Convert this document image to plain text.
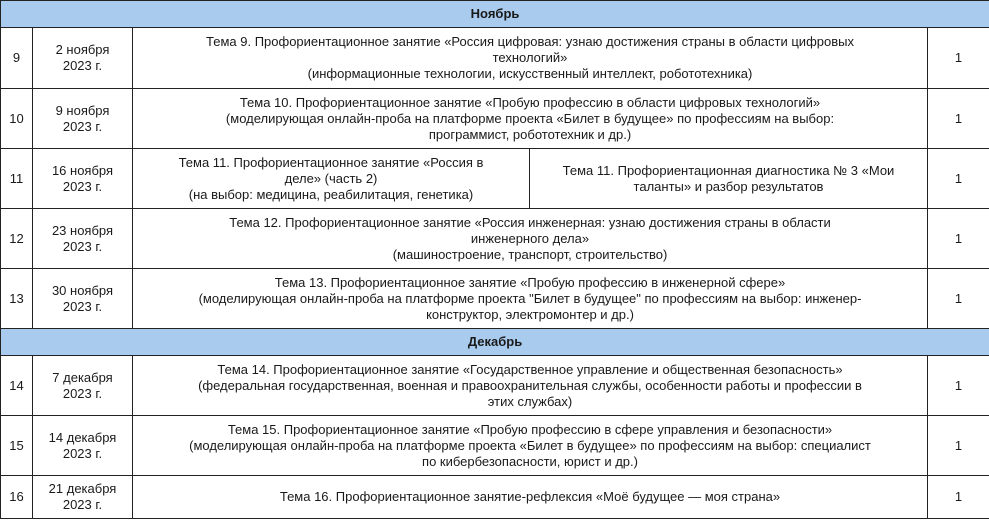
Ноябрь				
9	2 ноября
2023 г.	Тема 9. Профориентационное занятие «Россия цифровая: узнаю достижения страны в области цифровых
технологий»
(информационные технологии, искусственный интеллект, робототехника)		1
10	9 ноября
2023 г.	Тема 10. Профориентационное занятие «Пробую профессию в области цифровых технологий»
(моделирующая онлайн-проба на платформе проекта «Билет в будущее» по профессиям на выбор:
программист, робототехник и др.)		1
11	16 ноября
2023 г.	Тема 11. Профориентационное занятие «Россия в
деле» (часть 2)
(на выбор: медицина, реабилитация, генетика)	Тема 11. Профориентационная диагностика № 3 «Мои
таланты» и разбор результатов	1
12	23 ноября
2023 г.	Тема 12. Профориентационное занятие «Россия инженерная: узнаю достижения страны в области
инженерного дела»
(машиностроение, транспорт, строительство)		1
13	30 ноября
2023 г.	Тема 13. Профориентационное занятие «Пробую профессию в инженерной сфере»
(моделирующая онлайн-проба на платформе проекта "Билет в будущее" по профессиям на выбор: инженер-
конструктор, электромонтер и др.)		1
Декабрь				
14	7 декабря
2023 г.	Тема 14. Профориентационное занятие «Государственное управление и общественная безопасность»
(федеральная государственная, военная и правоохранительная службы, особенности работы и профессии в
этих службах)		1
15	14 декабря
2023 г.	Тема 15. Профориентационное занятие «Пробую профессию в сфере управления и безопасности»
(моделирующая онлайн-проба на платформе проекта «Билет в будущее» по профессиям на выбор: специалист
по кибербезопасности, юрист и др.)		1
16	21 декабря
2023 г.	Тема 16. Профориентационное занятие-рефлексия «Моё будущее — моя страна»		1
